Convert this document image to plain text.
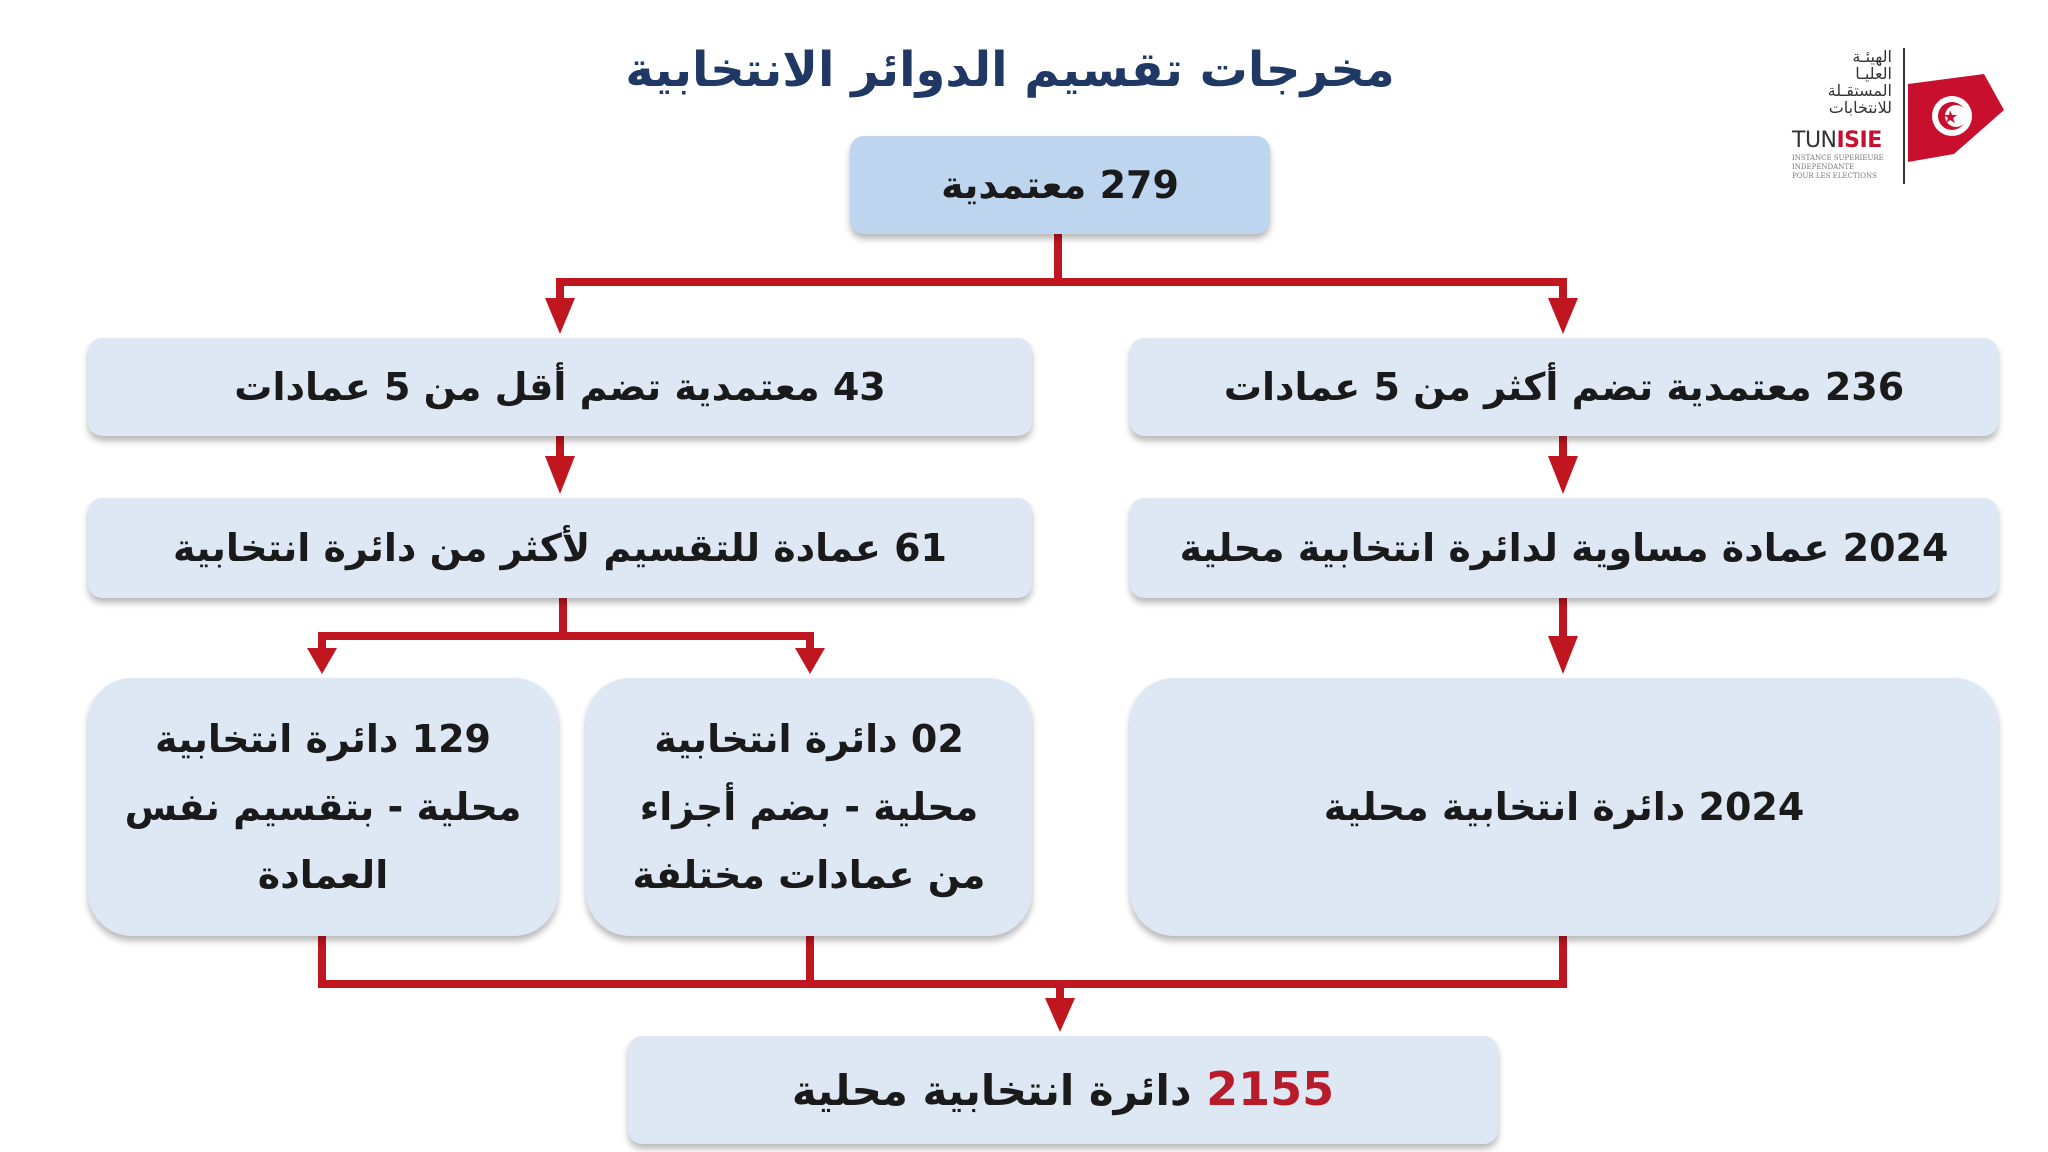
مخرجات تقسيم الدوائر الانتخابية	الهيئـة
العليـا
المستقـلة
للانتخابات
TUNISIE
INSTANCE SUPERIEURE
INDEPENDANTE
POUR LES ELECTIONS
279 معتمدية
43 معتمدية تضم أقل من 5 عمادات	236 معتمدية تضم أكثر من 5 عمادات
61 عمادة للتقسيم لأكثر من دائرة انتخابية	2024 عمادة مساوية لدائرة انتخابية محلية
129 دائرة انتخابية
محلية - بتقسيم نفس
العمادة
02 دائرة انتخابية
محلية - بضم أجزاء
من عمادات مختلفة
2024 دائرة انتخابية محلية
2155 دائرة انتخابية محلية
